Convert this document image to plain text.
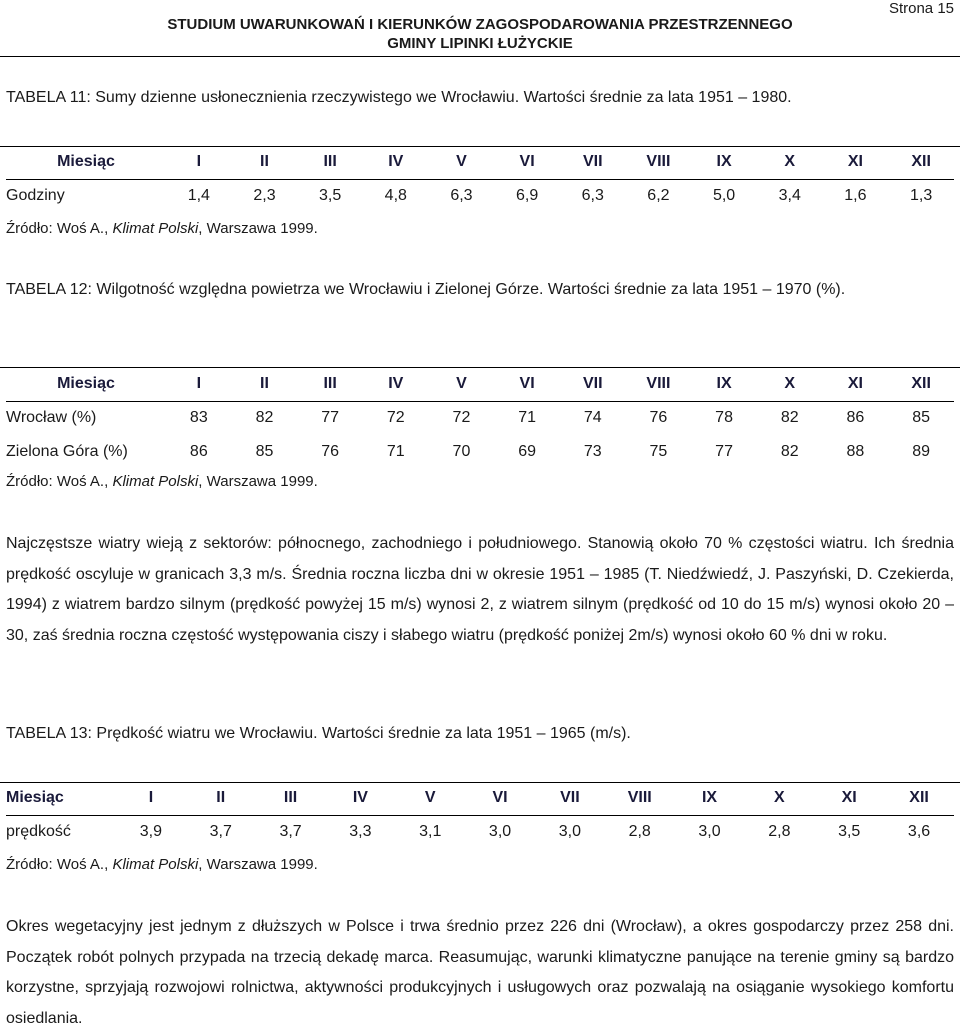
Strona 15
STUDIUM UWARUNKOWAŃ I KIERUNKÓW ZAGOSPODAROWANIA PRZESTRZENNEGO
GMINY LIPINKI ŁUŻYCKIE

TABELA 11: Sumy dzienne usłonecznienia rzeczywistego we Wrocławiu. Wartości średnie za lata 1951 – 1980.

Miesiąc	I	II	III	IV	V	VI	VII	VIII	IX	X	XI	XII
Godziny	1,4	2,3	3,5	4,8	6,3	6,9	6,3	6,2	5,0	3,4	1,6	1,3

Źródło: Woś A., Klimat Polski, Warszawa 1999.

TABELA 12: Wilgotność względna powietrza we Wrocławiu i Zielonej Górze. Wartości średnie za lata 1951 – 1970 (%).

Miesiąc	I	II	III	IV	V	VI	VII	VIII	IX	X	XI	XII
Wrocław (%)	83	82	77	72	72	71	74	76	78	82	86	85
Zielona Góra (%)	86	85	76	71	70	69	73	75	77	82	88	89

Źródło: Woś A., Klimat Polski, Warszawa 1999.

Najczęstsze wiatry wieją z sektorów: północnego, zachodniego i południowego. Stanowią około 70 % częstości wiatru. Ich średnia prędkość oscyluje w granicach 3,3 m/s. Średnia roczna liczba dni w okresie 1951 – 1985 (T. Niedźwiedź, J. Paszyński, D. Czekierda, 1994) z wiatrem bardzo silnym (prędkość powyżej 15 m/s) wynosi 2, z wiatrem silnym (prędkość od 10 do 15 m/s) wynosi około 20 – 30, zaś średnia roczna częstość występowania ciszy i słabego wiatru (prędkość poniżej 2m/s) wynosi około 60 % dni w roku.

TABELA 13: Prędkość wiatru we Wrocławiu. Wartości średnie za lata 1951 – 1965 (m/s).

Miesiąc	I	II	III	IV	V	VI	VII	VIII	IX	X	XI	XII
prędkość	3,9	3,7	3,7	3,3	3,1	3,0	3,0	2,8	3,0	2,8	3,5	3,6

Źródło: Woś A., Klimat Polski, Warszawa 1999.

Okres wegetacyjny jest jednym z dłuższych w Polsce i trwa średnio przez 226 dni (Wrocław), a okres gospodarczy przez 258 dni. Początek robót polnych przypada na trzecią dekadę marca. Reasumując, warunki klimatyczne panujące na terenie gminy są bardzo korzystne, sprzyjają rozwojowi rolnictwa, aktywności produkcyjnych i usługowych oraz pozwalają na osiąganie wysokiego komfortu osiedlania.
